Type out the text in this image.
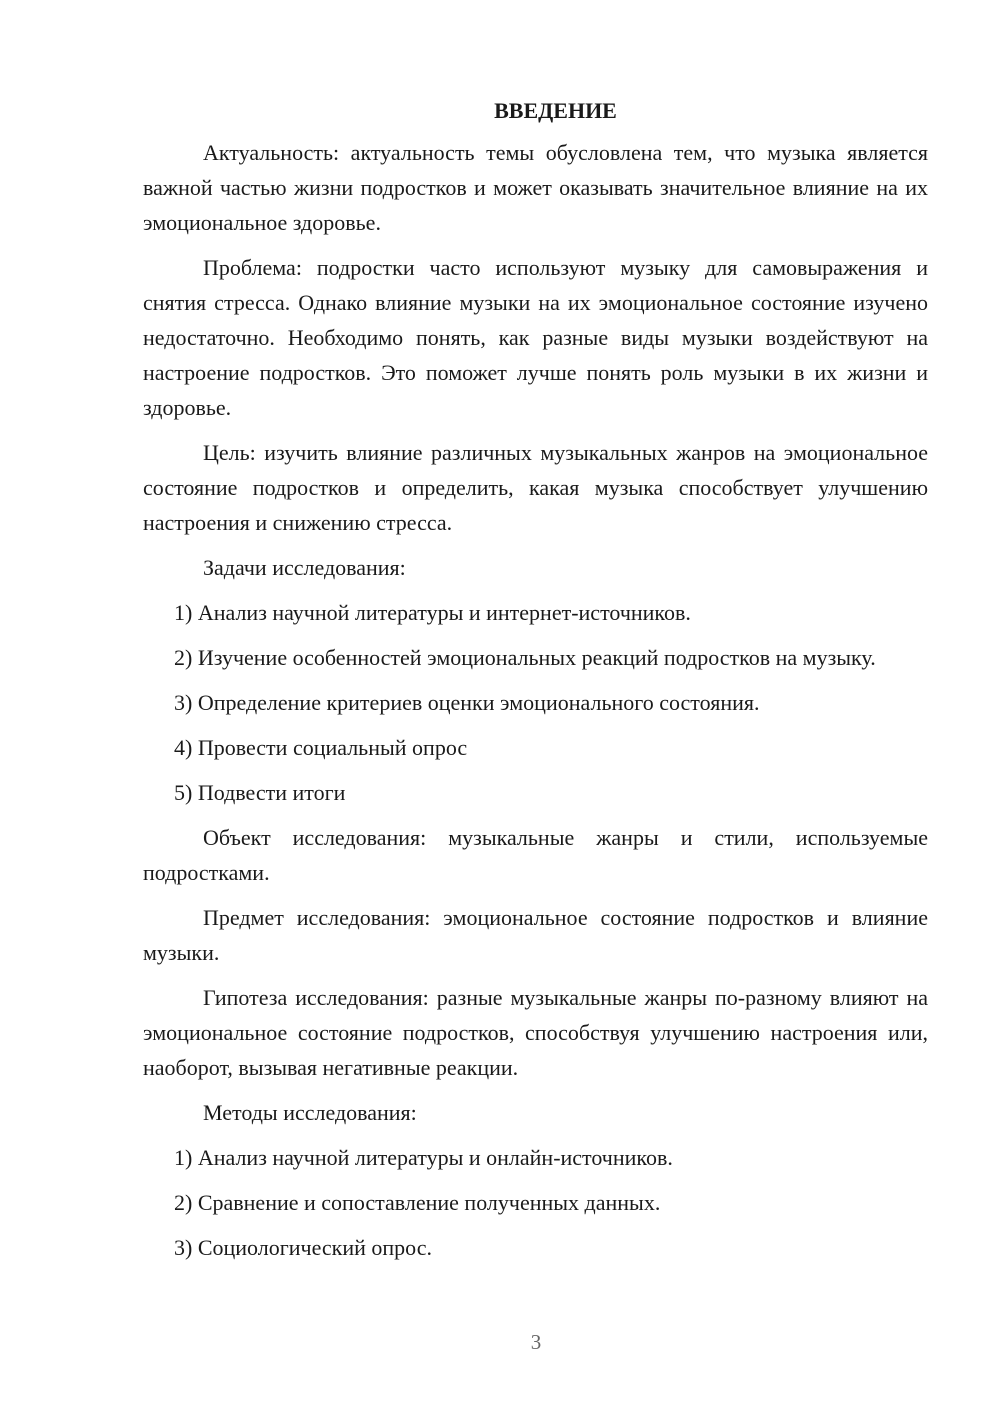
ВВЕДЕНИЕ

Актуальность: актуальность темы обусловлена тем, что музыка является важной частью жизни подростков и может оказывать значительное влияние на их эмоциональное здоровье.

Проблема: подростки часто используют музыку для самовыражения и снятия стресса. Однако влияние музыки на их эмоциональное состояние изучено недостаточно. Необходимо понять, как разные виды музыки воздействуют на настроение подростков. Это поможет лучше понять роль музыки в их жизни и здоровье.

Цель: изучить влияние различных музыкальных жанров на эмоциональное состояние подростков и определить, какая музыка способствует улучшению настроения и снижению стресса.

Задачи исследования:

1) Анализ научной литературы и интернет-источников.

2) Изучение особенностей эмоциональных реакций подростков на музыку.

3) Определение критериев оценки эмоционального состояния.

4) Провести социальный опрос

5) Подвести итоги

Объект исследования: музыкальные жанры и стили, используемые подростками.

Предмет исследования: эмоциональное состояние подростков и влияние музыки.

Гипотеза исследования: разные музыкальные жанры по-разному влияют на эмоциональное состояние подростков, способствуя улучшению настроения или, наоборот, вызывая негативные реакции.

Методы исследования:

1) Анализ научной литературы и онлайн-источников.

2) Сравнение и сопоставление полученных данных.

3) Социологический опрос.

3
